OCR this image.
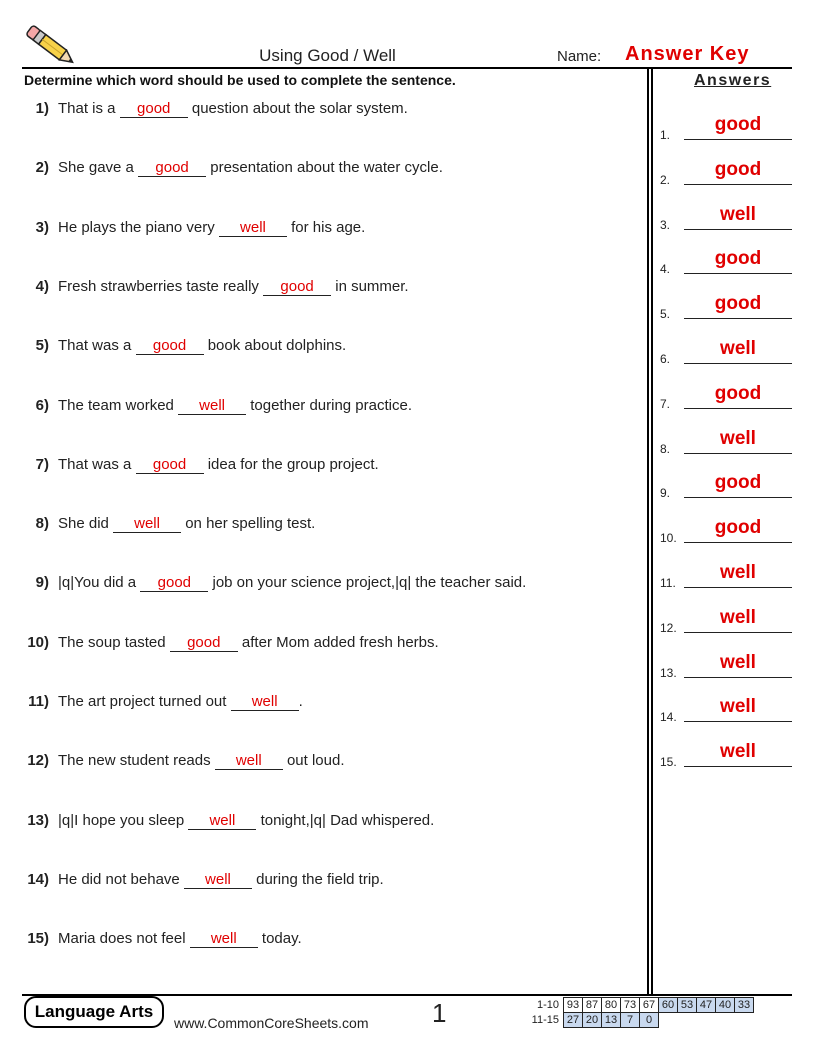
Using Good / Well	Name: Answer Key
Determine which word should be used to complete the sentence.	Answers
1) That is a good question about the solar system.
2) She gave a good presentation about the water cycle.
3) He plays the piano very well for his age.
4) Fresh strawberries taste really good in summer.
5) That was a good book about dolphins.
6) The team worked well together during practice.
7) That was a good idea for the group project.
8) She did well on her spelling test.
9) |q|You did a good job on your science project,|q| the teacher said.
10) The soup tasted good after Mom added fresh herbs.
11) The art project turned out well .
12) The new student reads well out loud.
13) |q|I hope you sleep well tonight,|q| Dad whispered.
14) He did not behave well during the field trip.
15) Maria does not feel well today.
1.	good
2.	good
3.	well
4.	good
5.	good
6.	well
7.	good
8.	well
9.	good
10.	good
11.	well
12.	well
13.	well
14.	well
15.	well
Language Arts
www.CommonCoreSheets.com 1	1-10	93	87	80	73	67	60	53	47	40	33
11-15	27	20	13	7	0					
